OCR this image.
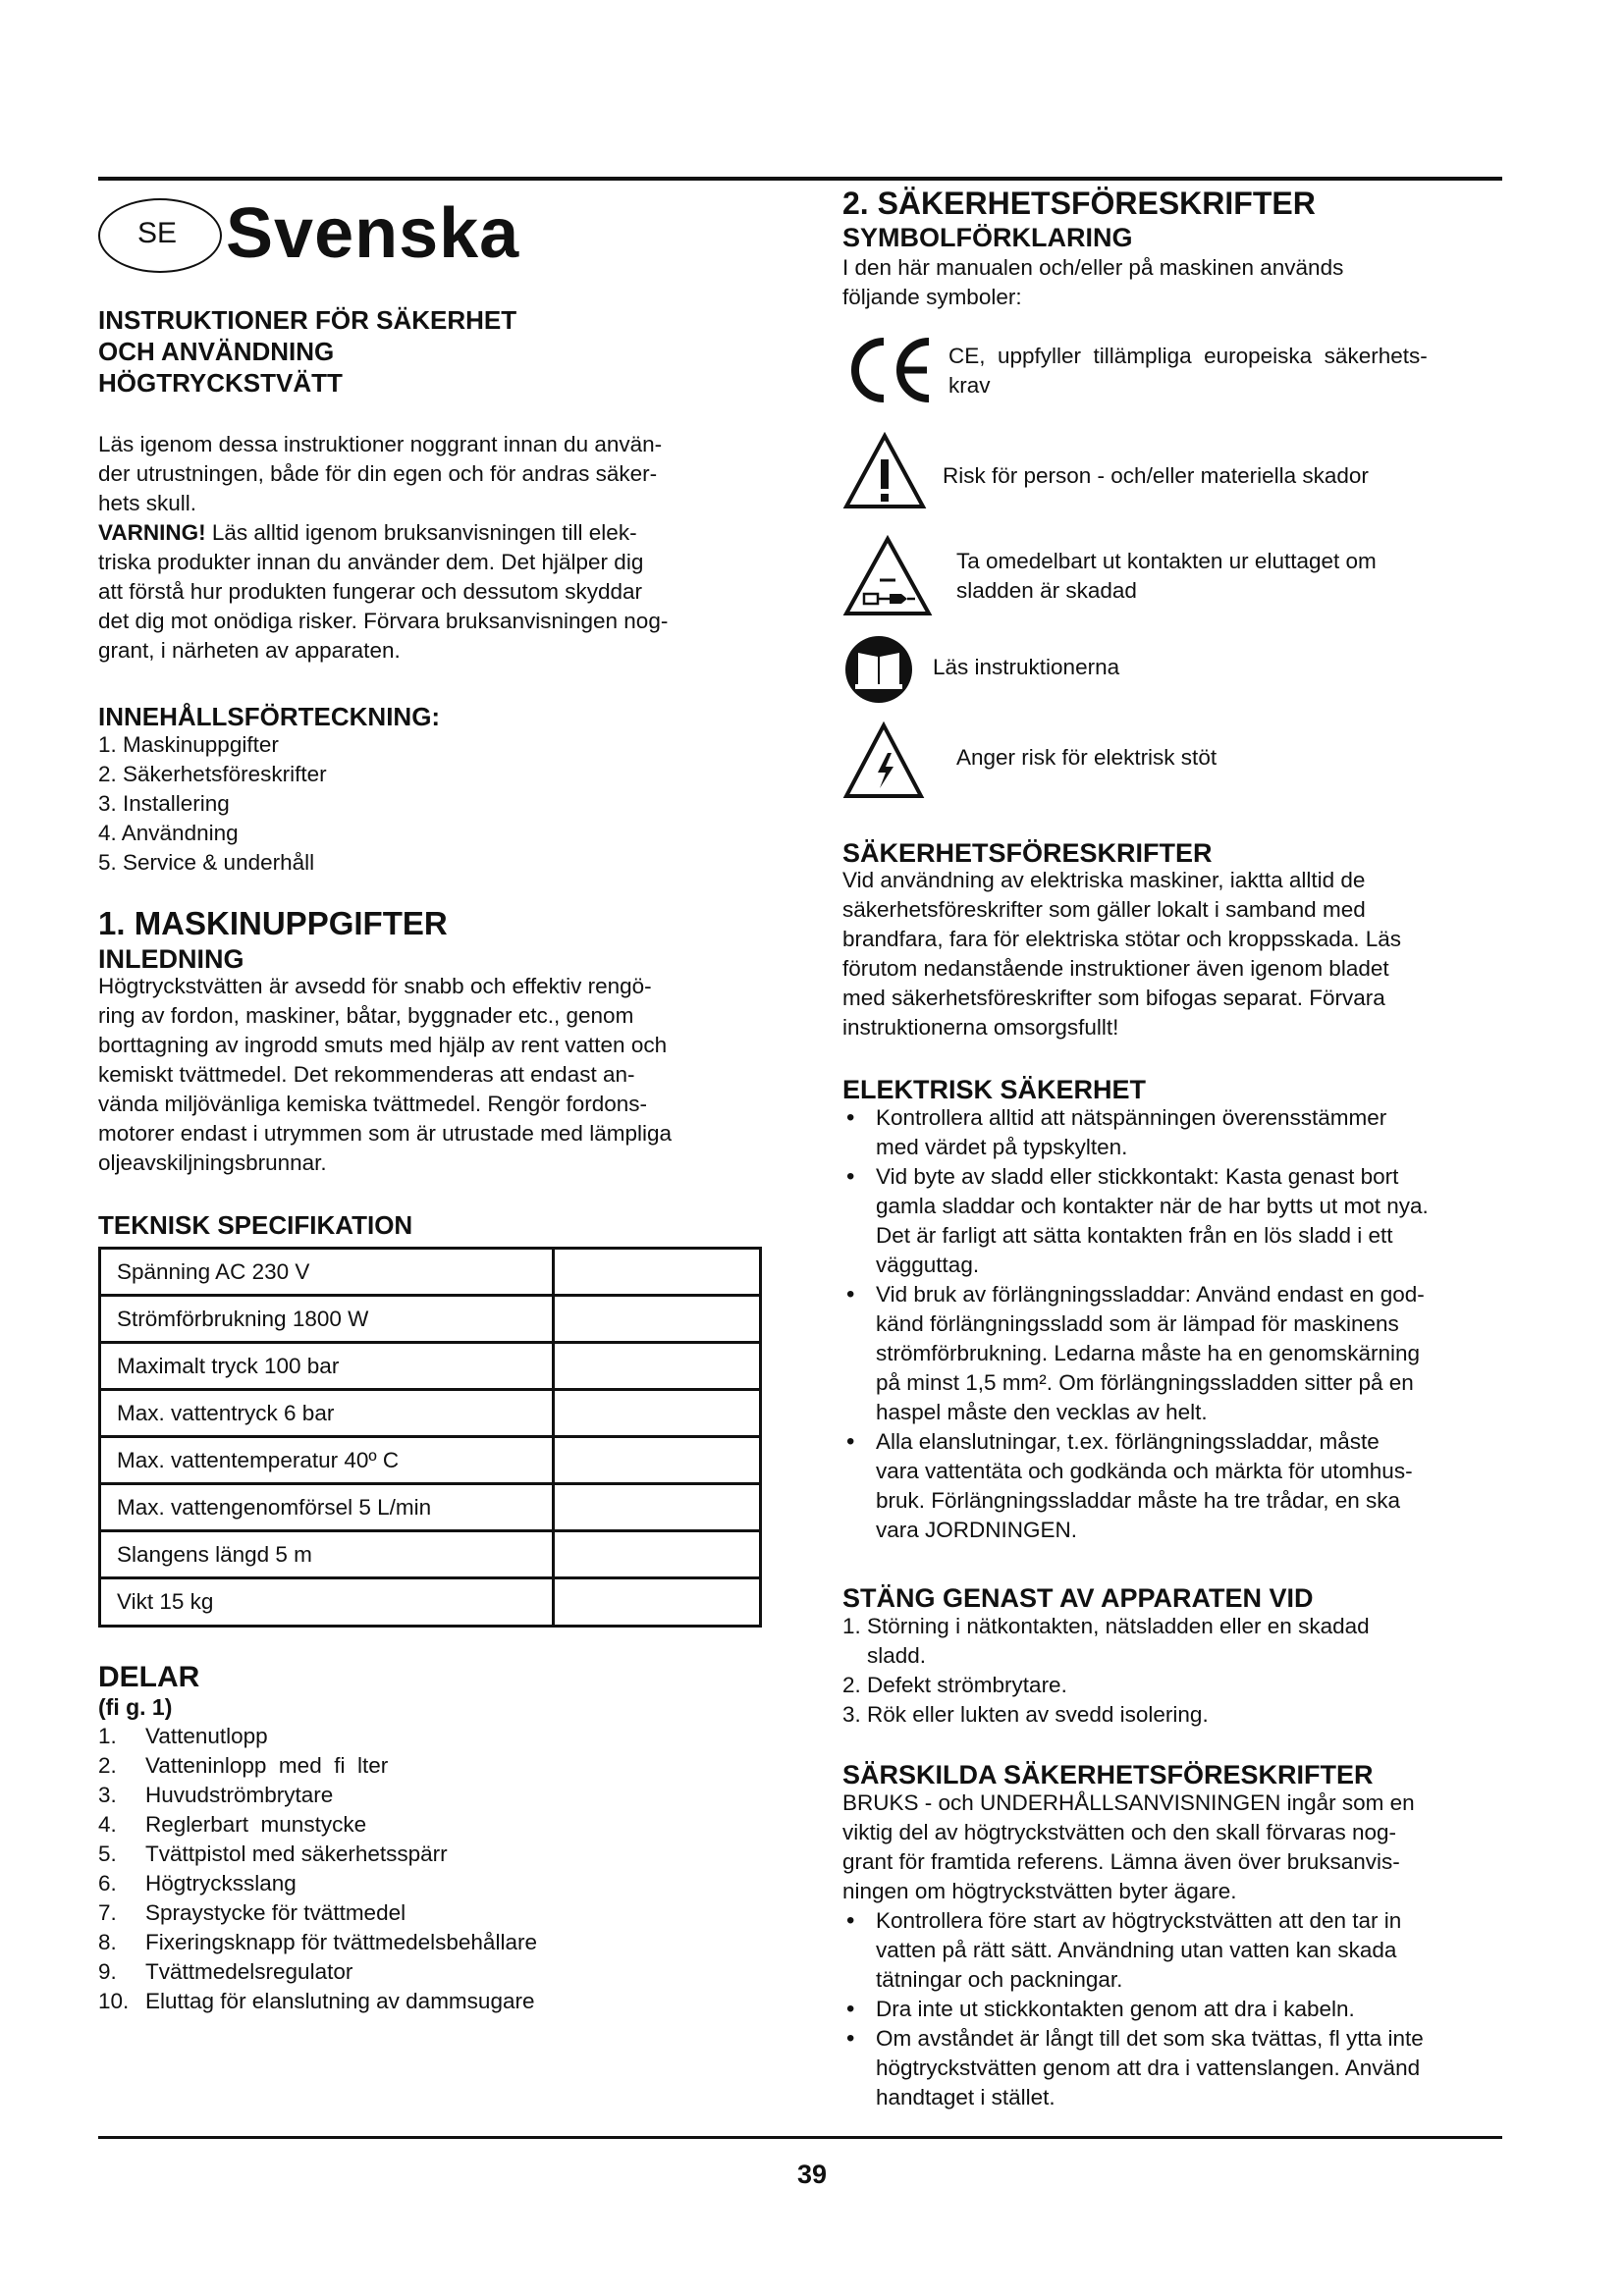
SE Svenska
INSTRUKTIONER FÖR SÄKERHET
OCH ANVÄNDNING
HÖGTRYCKSTVÄTT
Läs igenom dessa instruktioner noggrant innan du använ-
der utrustningen, både för din egen och för andras säker-
hets skull.
VARNING! Läs alltid igenom bruksanvisningen till elek-
triska produkter innan du använder dem. Det hjälper dig
att förstå hur produkten fungerar och dessutom skyddar
det dig mot onödiga risker. Förvara bruksanvisningen nog-
grant, i närheten av apparaten.
INNEHÅLLSFÖRTECKNING:
1. Maskinuppgifter
2. Säkerhetsföreskrifter
3. Installering
4. Användning
5. Service & underhåll
1. MASKINUPPGIFTER
INLEDNING
Högtryckstvätten är avsedd för snabb och effektiv rengö-
ring av fordon, maskiner, båtar, byggnader etc., genom
borttagning av ingrodd smuts med hjälp av rent vatten och
kemiskt tvättmedel. Det rekommenderas att endast an-
vända miljövänliga kemiska tvättmedel. Rengör fordons-
motorer endast i utrymmen som är utrustade med lämpliga
oljeavskiljningsbrunnar.
TEKNISK SPECIFIKATION
Spänning AC 230 V
Strömförbrukning 1800 W
Maximalt tryck 100 bar
Max. vattentryck 6 bar
Max. vattentemperatur 40º C
Max. vattengenomförsel 5 L/min
Slangens längd 5 m
Vikt 15 kg
DELAR
(fi g. 1)
1. Vattenutlopp
2. Vatteninlopp  med  fi  lter
3. Huvudströmbrytare
4. Reglerbart  munstycke
5. Tvättpistol med säkerhetsspärr
6. Högtrycksslang
7. Spraystycke för tvättmedel
8. Fixeringsknapp för tvättmedelsbehållare
9. Tvättmedelsregulator
10. Eluttag för elanslutning av dammsugare
2. SÄKERHETSFÖRESKRIFTER
SYMBOLFÖRKLARING
I den här manualen och/eller på maskinen används
följande symboler:
CE,  uppfyller  tillämpliga  europeiska  säkerhets-
krav
Risk för person - och/eller materiella skador
Ta omedelbart ut kontakten ur eluttaget om
sladden är skadad
Läs instruktionerna
Anger risk för elektrisk stöt
SÄKERHETSFÖRESKRIFTER
Vid användning av elektriska maskiner, iaktta alltid de
säkerhetsföreskrifter som gäller lokalt i samband med
brandfara, fara för elektriska stötar och kroppsskada. Läs
förutom nedanstående instruktioner även igenom bladet
med säkerhetsföreskrifter som bifogas separat. Förvara
instruktionerna omsorgsfullt!
ELEKTRISK SÄKERHET
• Kontrollera alltid att nätspänningen överensstämmer
med värdet på typskylten.
• Vid byte av sladd eller stickkontakt: Kasta genast bort
gamla sladdar och kontakter när de har bytts ut mot nya.
Det är farligt att sätta kontakten från en lös sladd i ett
vägguttag.
• Vid bruk av förlängningssladdar: Använd endast en god-
känd förlängningssladd som är lämpad för maskinens
strömförbrukning. Ledarna måste ha en genomskärning
på minst 1,5 mm². Om förlängningssladden sitter på en
haspel måste den vecklas av helt.
• Alla elanslutningar, t.ex. förlängningssladdar, måste
vara vattentäta och godkända och märkta för utomhus-
bruk. Förlängningssladdar måste ha tre trådar, en ska
vara JORDNINGEN.
STÄNG GENAST AV APPARATEN VID
1. Störning i nätkontakten, nätsladden eller en skadad
sladd.
2. Defekt strömbrytare.
3. Rök eller lukten av svedd isolering.
SÄRSKILDA SÄKERHETSFÖRESKRIFTER
BRUKS - och UNDERHÅLLSANVISNINGEN ingår som en
viktig del av högtryckstvätten och den skall förvaras nog-
grant för framtida referens. Lämna även över bruksanvis-
ningen om högtryckstvätten byter ägare.
• Kontrollera före start av högtryckstvätten att den tar in
vatten på rätt sätt. Användning utan vatten kan skada
tätningar och packningar.
• Dra inte ut stickkontakten genom att dra i kabeln.
• Om avståndet är långt till det som ska tvättas, fl ytta inte
högtryckstvätten genom att dra i vattenslangen. Använd
handtaget i stället.
39
